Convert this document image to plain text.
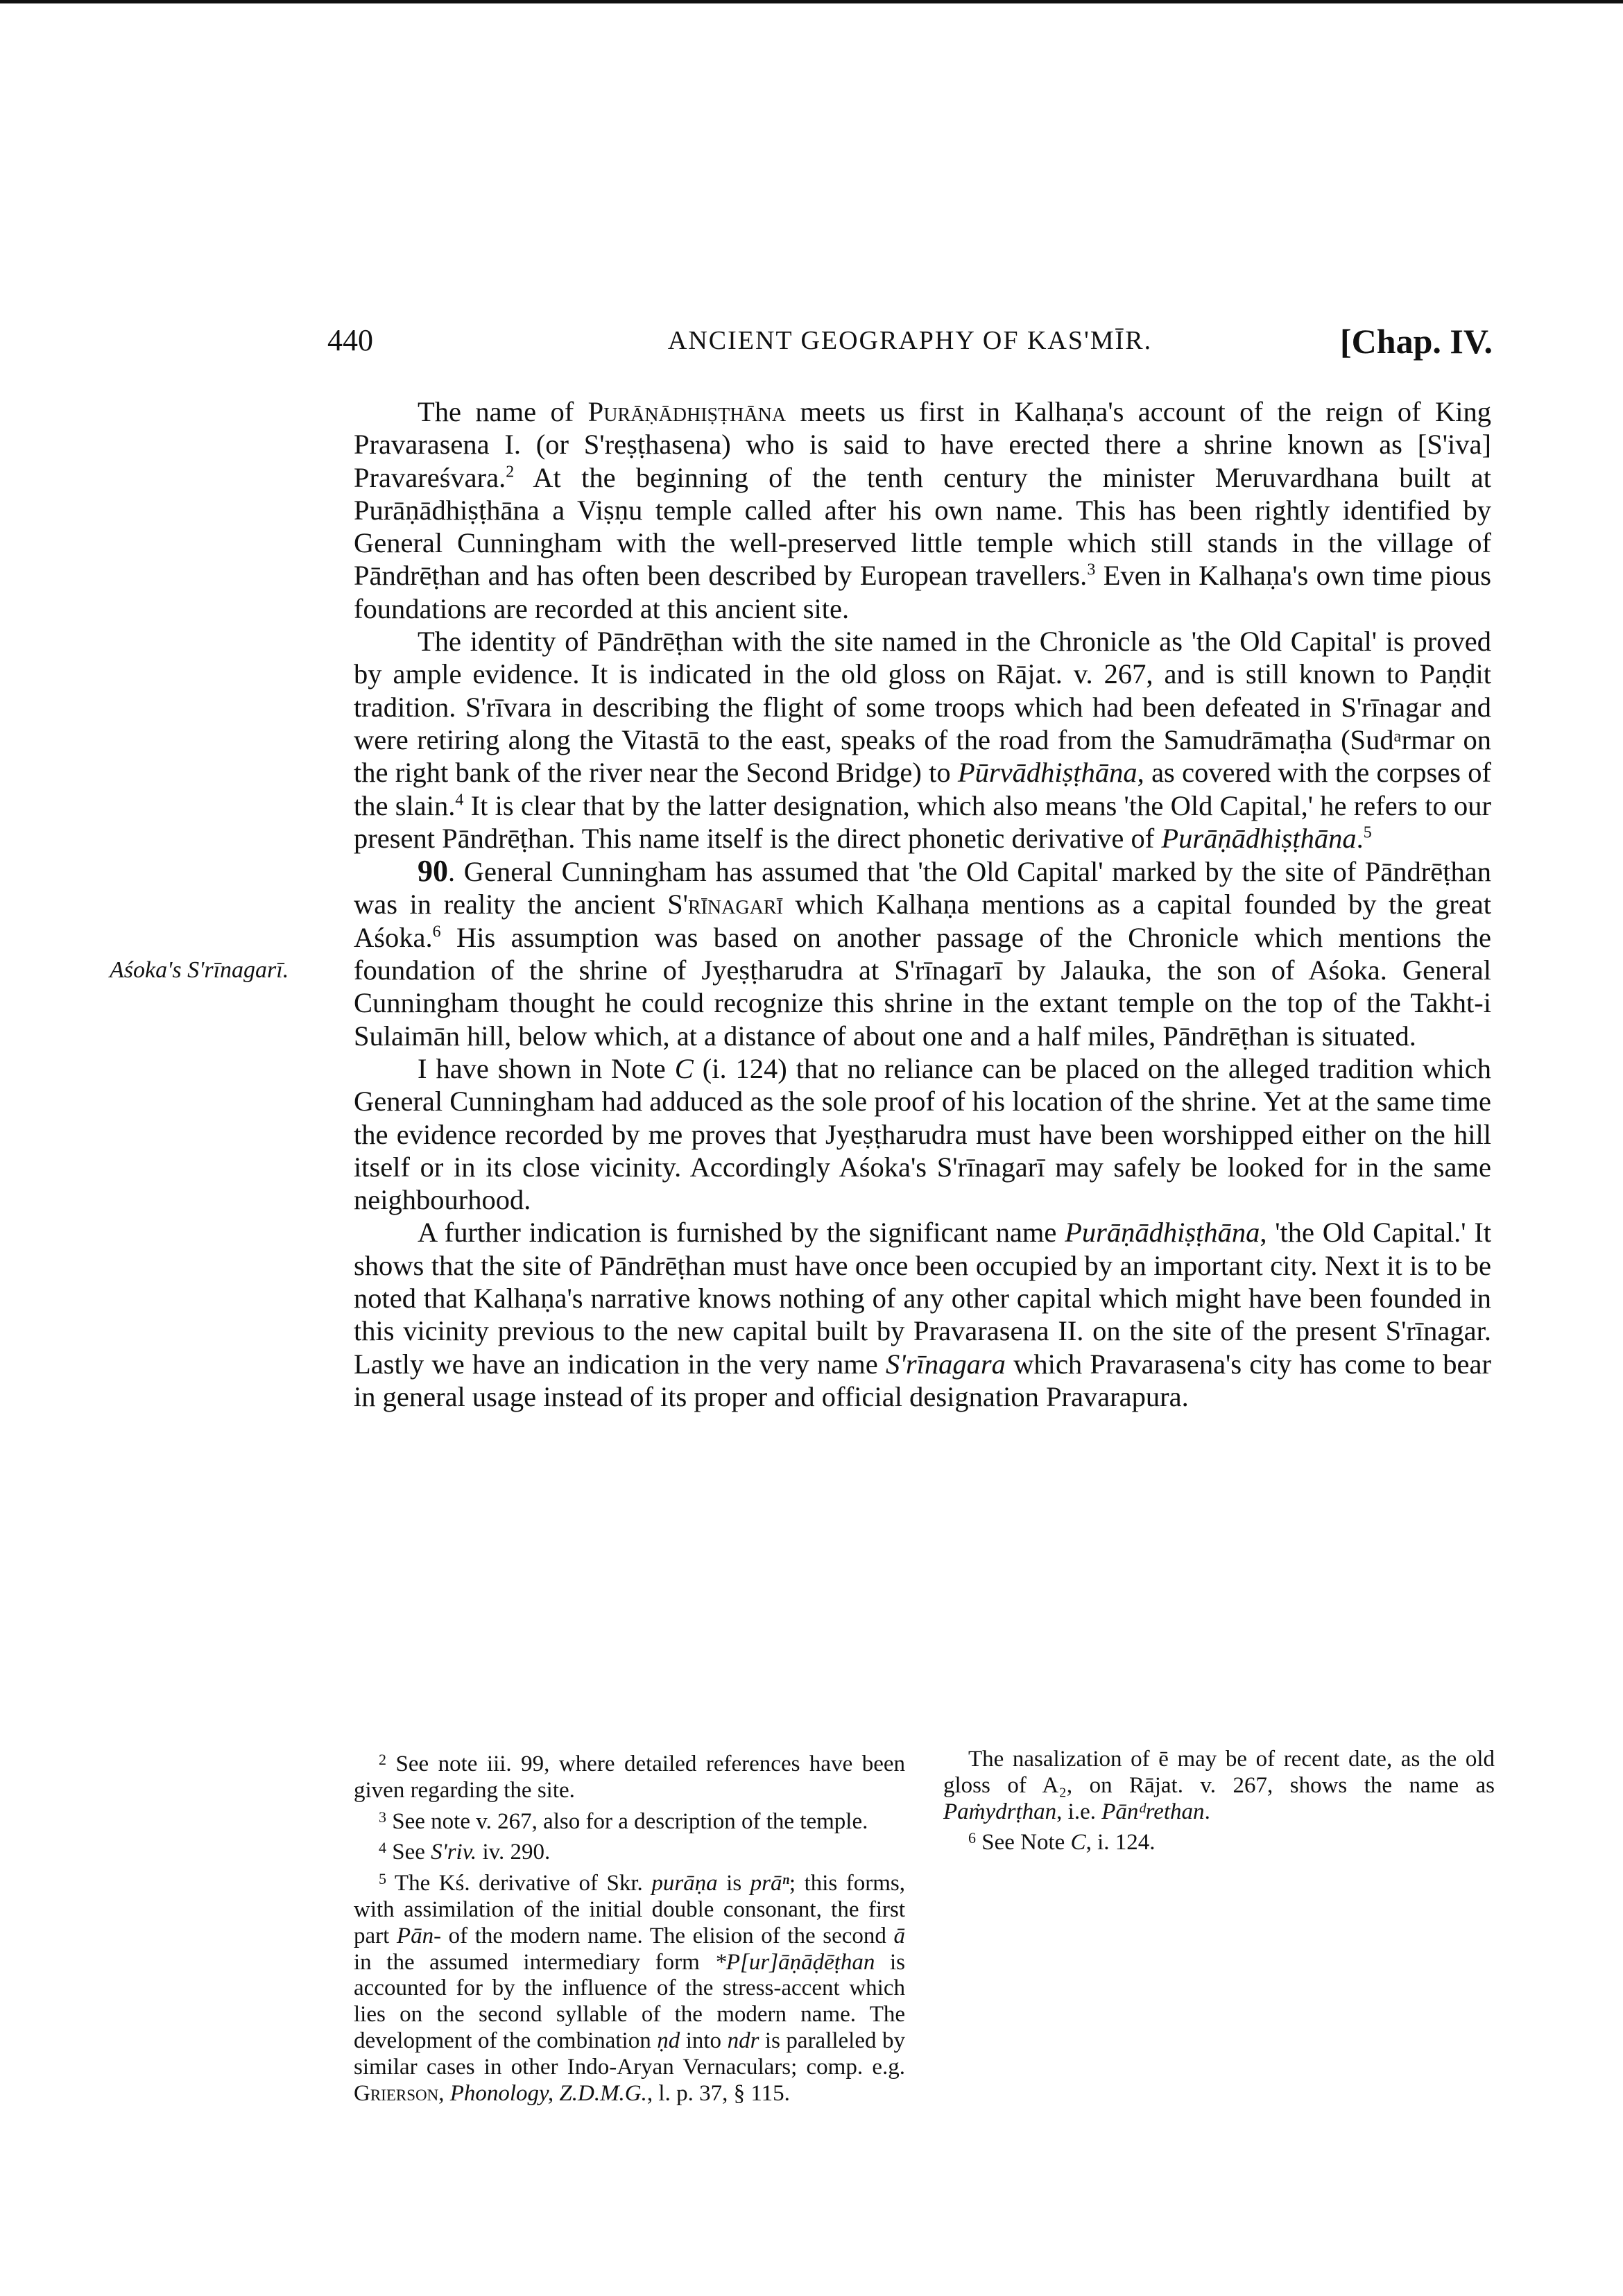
440	ANCIENT GEOGRAPHY OF KAS'MĪR.	[Chap. IV.
Aśoka's S'rīnagarī.

The name of Purāṇādhiṣṭhāna meets us first in Kalhaṇa's account of the reign of King Pravarasena I. (or S'reṣṭhasena) who is said to have erected there a shrine known as [S'iva] Pravareśvara.$^2$ At the beginning of the tenth century the minister Meruvardhana built at Purāṇādhiṣṭhāna a Viṣṇu temple called after his own name. This has been rightly identified by General Cunningham with the well-preserved little temple which still stands in the village of Pāndrēṭhan and has often been described by European travellers.$^3$ Even in Kalhaṇa's own time pious foundations are recorded at this ancient site.

The identity of Pāndrēṭhan with the site named in the Chronicle as 'the Old Capital' is proved by ample evidence. It is indicated in the old gloss on Rājat. v. 267, and is still known to Paṇḍit tradition. S'rīvara in describing the flight of some troops which had been defeated in S'rīnagar and were retiring along the Vitastā to the east, speaks of the road from the Samudrāmaṭha (Sudᵃrmar on the right bank of the river near the Second Bridge) to Pūrvādhiṣṭhāna, as covered with the corpses of the slain.$^4$ It is clear that by the latter designation, which also means 'the Old Capital,' he refers to our present Pāndrēṭhan. This name itself is the direct phonetic derivative of Purāṇādhiṣṭhāna.$^5$

90. General Cunningham has assumed that 'the Old Capital' marked by the site of Pāndrēṭhan was in reality the ancient S'rīnagarī which Kalhaṇa mentions as a capital founded by the great Aśoka.$^6$ His assumption was based on another passage of the Chronicle which mentions the foundation of the shrine of Jyeṣṭharudra at S'rīnagarī by Jalauka, the son of Aśoka. General Cunningham thought he could recognize this shrine in the extant temple on the top of the Takht-i Sulaimān hill, below which, at a distance of about one and a half miles, Pāndrēṭhan is situated.

I have shown in Note C (i. 124) that no reliance can be placed on the alleged tradition which General Cunningham had adduced as the sole proof of his location of the shrine. Yet at the same time the evidence recorded by me proves that Jyeṣṭharudra must have been worshipped either on the hill itself or in its close vicinity. Accordingly Aśoka's S'rīnagarī may safely be looked for in the same neighbourhood.

A further indication is furnished by the significant name Purāṇādhiṣṭhāna, 'the Old Capital.' It shows that the site of Pāndrēṭhan must have once been occupied by an important city. Next it is to be noted that Kalhaṇa's narrative knows nothing of any other capital which might have been founded in this vicinity previous to the new capital built by Pravarasena II. on the site of the present S'rīnagar. Lastly we have an indication in the very name S'rīnagara which Pravarasena's city has come to bear in general usage instead of its proper and official designation Pravarapura.

$^2$ See note iii. 99, where detailed references have been given regarding the site.

$^3$ See note v. 267, also for a description of the temple.

$^4$ See S'riv. iv. 290.

$^5$ The Kś. derivative of Skr. purāṇa is prāⁿ; this forms, with assimilation of the initial double consonant, the first part Pān- of the modern name. The elision of the second ā in the assumed intermediary form *P[ur]āṇāḍēṭhan is accounted for by the influence of the stress-accent which lies on the second syllable of the modern name. The development of the combination ṇd into ndr is paralleled by similar cases in other Indo-Aryan Vernaculars; comp. e.g. Grierson, Phonology, Z.D.M.G., l. p. 37, § 115.

The nasalization of ē may be of recent date, as the old gloss of A₂, on Rājat. v. 267, shows the name as Paṁydrṭhan, i.e. Pānᵈrethan.

$^6$ See Note C, i. 124.
